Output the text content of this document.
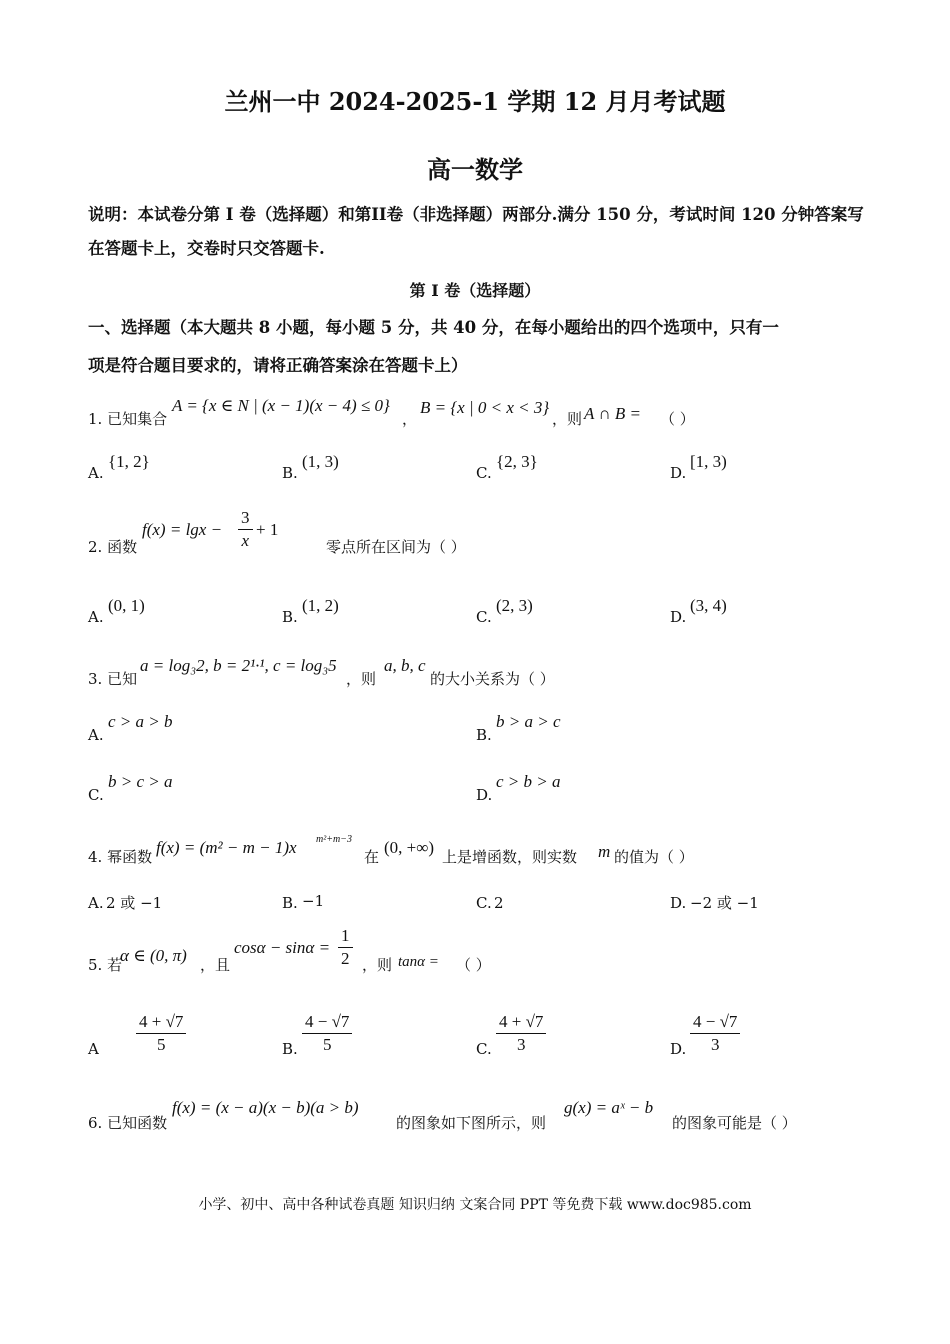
兰州一中 2024-2025-1 学期 12 月月考试题
高一数学
说明：本试卷分第 I 卷（选择题）和第II卷（非选择题）两部分.满分 150 分，考试时间 120 分钟答案写在答题卡上，交卷时只交答题卡.
第 I 卷（选择题）
一、选择题（本大题共 8 小题，每小题 5 分，共 40 分，在每小题给出的四个选项中，只有一
项是符合题目要求的，请将正确答案涂在答题卡上）
1. 已知集合
A = {x ∈ N | (x − 1)(x − 4) ≤ 0}
，
B = {x | 0 < x < 3}
，则 A ∩ B = （ ）
A.
{1, 2}
B.
(1, 3)
C.
{2, 3}
D.
[1, 3)
2. 函数
$f(x) = \lg x - \frac{3}{x} + 1$
零点所在区间为（ ）
A.
(0, 1)
B.
(1, 2)
C.
(2, 3)
D.
(3, 4)
3. 已知
a = log₃2, b = 2¹·¹, c = log₃5
，则
a, b, c
的大小关系为（ ）
A.
c > a > b
B.
b > a > c
C.
b > c > a
D.
c > b > a
4. 幂函数 f(x) = (m² − m − 1)x m²+m−3
在 (0, +∞) 上是增函数，则实数 m 的值为（ ）
A. 2 或 −1	B. −1	C. 2	D. −2 或 −1
5. 若
α ∈ (0, π) ，且
$\cos\alpha - \sin\alpha = \frac{1}{2}$ ，则 tanα = （ ）
A $\frac{4 + √7}{5}$	B. $\frac{4 - √7}{5}$	C. $\frac{4 + √7}{3}$	D. $\frac{4 - √7}{3}$
6. 已知函数
f(x) = (x − a)(x − b)(a > b)
的图象如下图所示，则
g(x) = aˣ − b
的图象可能是（ ）
小学、初中、高中各种试卷真题 知识归纳 文案合同 PPT 等免费下载 www.doc985.com
